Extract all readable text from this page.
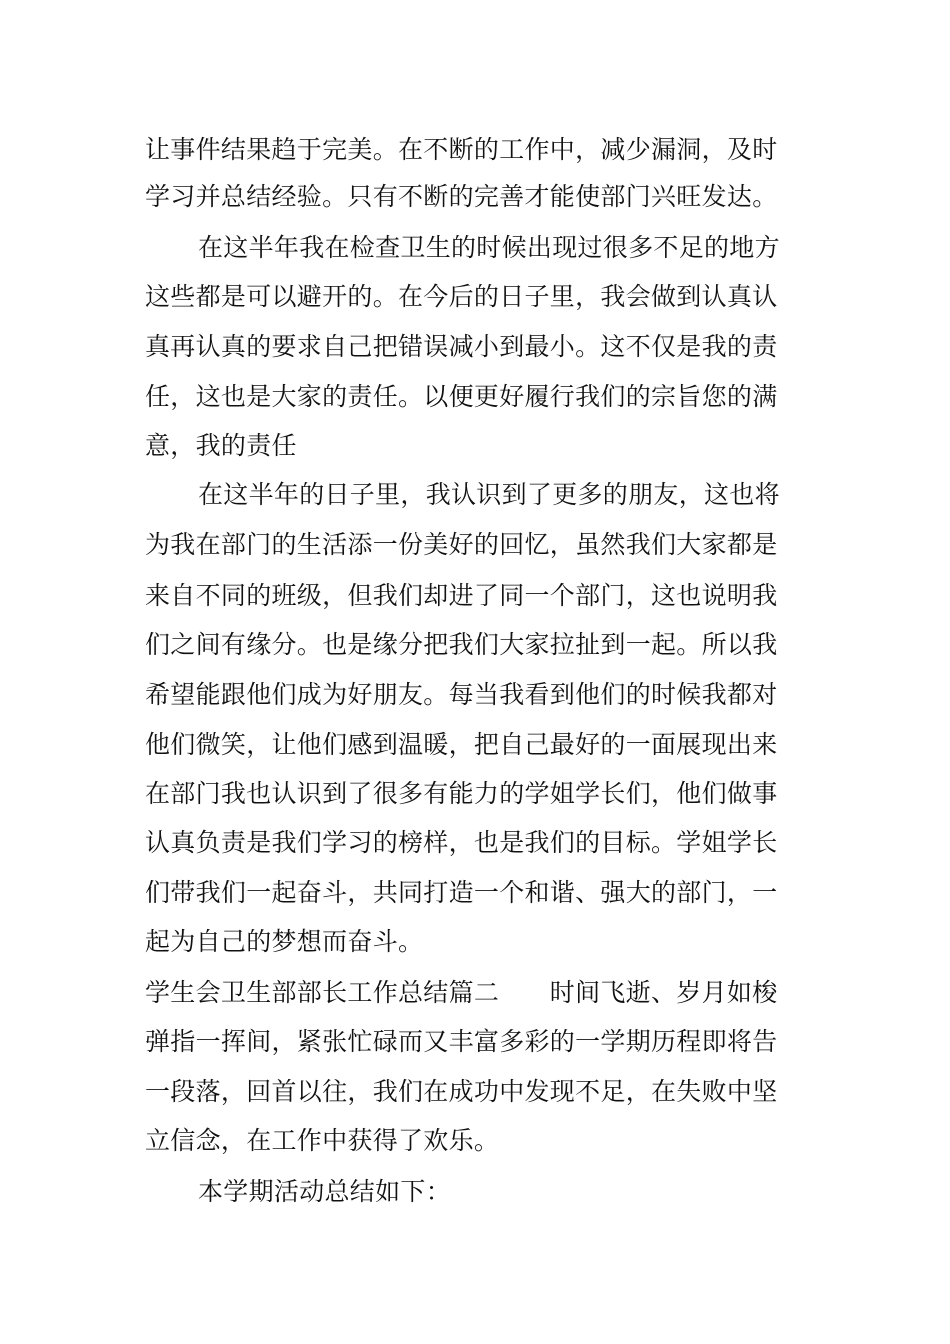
让事件结果趋于完美。在不断的工作中，减少漏洞，及时
学习并总结经验。只有不断的完善才能使部门兴旺发达。
在这半年我在检查卫生的时候出现过很多不足的地方
这些都是可以避开的。在今后的日子里，我会做到认真认
真再认真的要求自己把错误减小到最小。这不仅是我的责
任，这也是大家的责任。以便更好履行我们的宗旨您的满
意，我的责任
在这半年的日子里，我认识到了更多的朋友，这也将
为我在部门的生活添一份美好的回忆，虽然我们大家都是
来自不同的班级，但我们却进了同一个部门，这也说明我
们之间有缘分。也是缘分把我们大家拉扯到一起。所以我
希望能跟他们成为好朋友。每当我看到他们的时候我都对
他们微笑，让他们感到温暖，把自己最好的一面展现出来
在部门我也认识到了很多有能力的学姐学长们，他们做事
认真负责是我们学习的榜样，也是我们的目标。学姐学长
们带我们一起奋斗，共同打造一个和谐、强大的部门，一
起为自己的梦想而奋斗。
学生会卫生部部长工作总结篇二　　时间飞逝、岁月如梭
弹指一挥间，紧张忙碌而又丰富多彩的一学期历程即将告
一段落，回首以往，我们在成功中发现不足，在失败中坚
立信念，在工作中获得了欢乐。
本学期活动总结如下：
